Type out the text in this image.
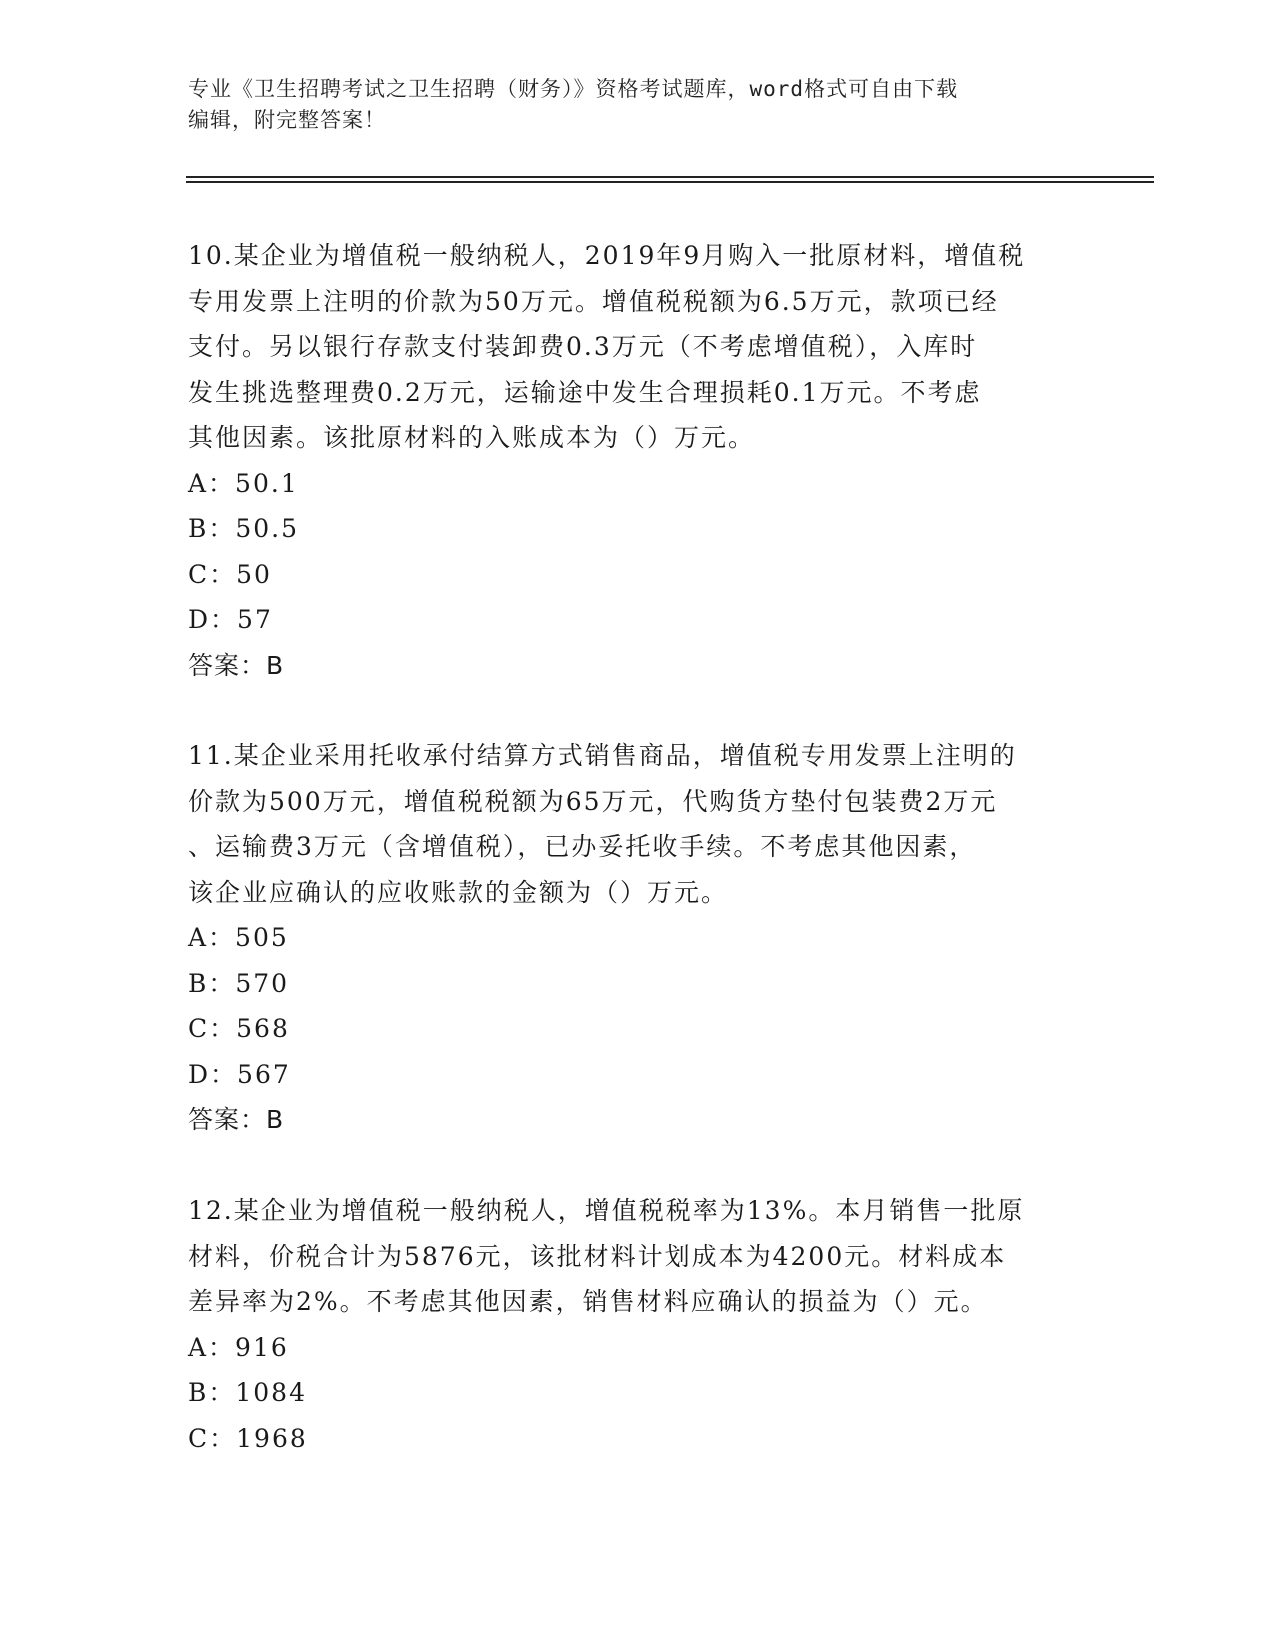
专业《卫生招聘考试之卫生招聘（财务）》资格考试题库，word格式可自由下载
编辑，附完整答案！
10.某企业为增值税一般纳税人，2019年9月购入一批原材料，增值税
专用发票上注明的价款为50万元。增值税税额为6.5万元，款项已经
支付。另以银行存款支付装卸费0.3万元（不考虑增值税），入库时
发生挑选整理费0.2万元，运输途中发生合理损耗0.1万元。不考虑
其他因素。该批原材料的入账成本为（）万元。
A：50.1
B：50.5
C：50
D：57
答案：B
11.某企业采用托收承付结算方式销售商品，增值税专用发票上注明的
价款为500万元，增值税税额为65万元，代购货方垫付包装费2万元
、运输费3万元（含增值税），已办妥托收手续。不考虑其他因素，
该企业应确认的应收账款的金额为（）万元。
A：505
B：570
C：568
D：567
答案：B
12.某企业为增值税一般纳税人，增值税税率为13%。本月销售一批原
材料，价税合计为5876元，该批材料计划成本为4200元。材料成本
差异率为2%。不考虑其他因素，销售材料应确认的损益为（）元。
A：916
B：1084
C：1968
